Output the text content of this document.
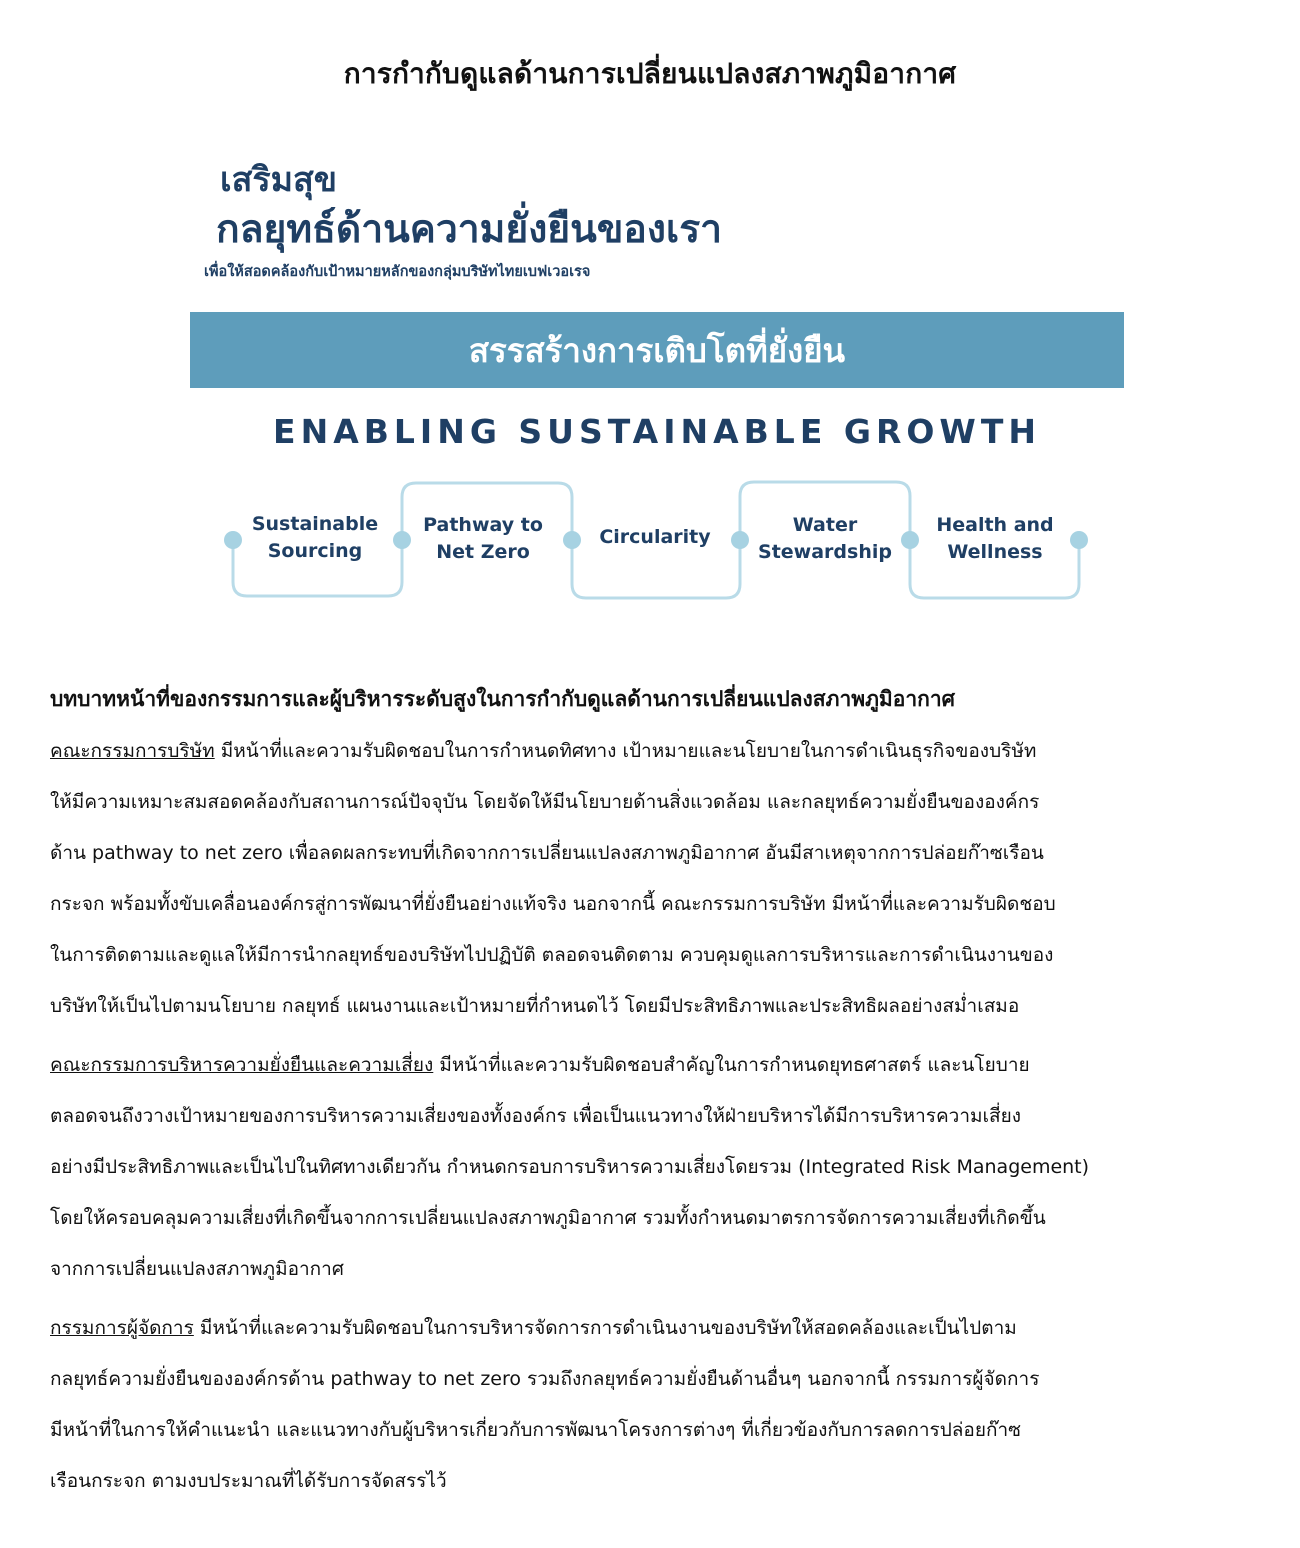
การกำกับดูแลด้านการเปลี่ยนแปลงสภาพภูมิอากาศ
เสริมสุข
กลยุทธ์ด้านความยั่งยืนของเรา
เพื่อให้สอดคล้องกับเป้าหมายหลักของกลุ่มบริษัทไทยเบฟเวอเรจ
สรรสร้างการเติบโตที่ยั่งยืน
ENABLING SUSTAINABLE GROWTH
Sustainable
Sourcing
Pathway to
Net Zero
Circularity
Water
Stewardship
Health and
Wellness
บทบาทหน้าที่ของกรรมการและผู้บริหารระดับสูงในการกำกับดูแลด้านการเปลี่ยนแปลงสภาพภูมิอากาศ
คณะกรรมการบริษัท มีหน้าที่และความรับผิดชอบในการกำหนดทิศทาง เป้าหมายและนโยบายในการดำเนินธุรกิจของบริษัท
ให้มีความเหมาะสมสอดคล้องกับสถานการณ์ปัจจุบัน โดยจัดให้มีนโยบายด้านสิ่งแวดล้อม และกลยุทธ์ความยั่งยืนขององค์กร
ด้าน pathway to net zero เพื่อลดผลกระทบที่เกิดจากการเปลี่ยนแปลงสภาพภูมิอากาศ อันมีสาเหตุจากการปล่อยก๊าซเรือน
กระจก พร้อมทั้งขับเคลื่อนองค์กรสู่การพัฒนาที่ยั่งยืนอย่างแท้จริง นอกจากนี้ คณะกรรมการบริษัท มีหน้าที่และความรับผิดชอบ
ในการติดตามและดูแลให้มีการนำกลยุทธ์ของบริษัทไปปฏิบัติ ตลอดจนติดตาม ควบคุมดูแลการบริหารและการดำเนินงานของ
บริษัทให้เป็นไปตามนโยบาย กลยุทธ์ แผนงานและเป้าหมายที่กำหนดไว้ โดยมีประสิทธิภาพและประสิทธิผลอย่างสม่ำเสมอ
คณะกรรมการบริหารความยั่งยืนและความเสี่ยง มีหน้าที่และความรับผิดชอบสำคัญในการกำหนดยุทธศาสตร์ และนโยบาย
ตลอดจนถึงวางเป้าหมายของการบริหารความเสี่ยงของทั้งองค์กร เพื่อเป็นแนวทางให้ฝ่ายบริหารได้มีการบริหารความเสี่ยง
อย่างมีประสิทธิภาพและเป็นไปในทิศทางเดียวกัน กำหนดกรอบการบริหารความเสี่ยงโดยรวม (Integrated Risk Management)
โดยให้ครอบคลุมความเสี่ยงที่เกิดขึ้นจากการเปลี่ยนแปลงสภาพภูมิอากาศ รวมทั้งกำหนดมาตรการจัดการความเสี่ยงที่เกิดขึ้น
จากการเปลี่ยนแปลงสภาพภูมิอากาศ
กรรมการผู้จัดการ มีหน้าที่และความรับผิดชอบในการบริหารจัดการการดำเนินงานของบริษัทให้สอดคล้องและเป็นไปตาม
กลยุทธ์ความยั่งยืนขององค์กรด้าน pathway to net zero รวมถึงกลยุทธ์ความยั่งยืนด้านอื่นๆ นอกจากนี้ กรรมการผู้จัดการ
มีหน้าที่ในการให้คำแนะนำ และแนวทางกับผู้บริหารเกี่ยวกับการพัฒนาโครงการต่างๆ ที่เกี่ยวข้องกับการลดการปล่อยก๊าซ
เรือนกระจก ตามงบประมาณที่ได้รับการจัดสรรไว้
